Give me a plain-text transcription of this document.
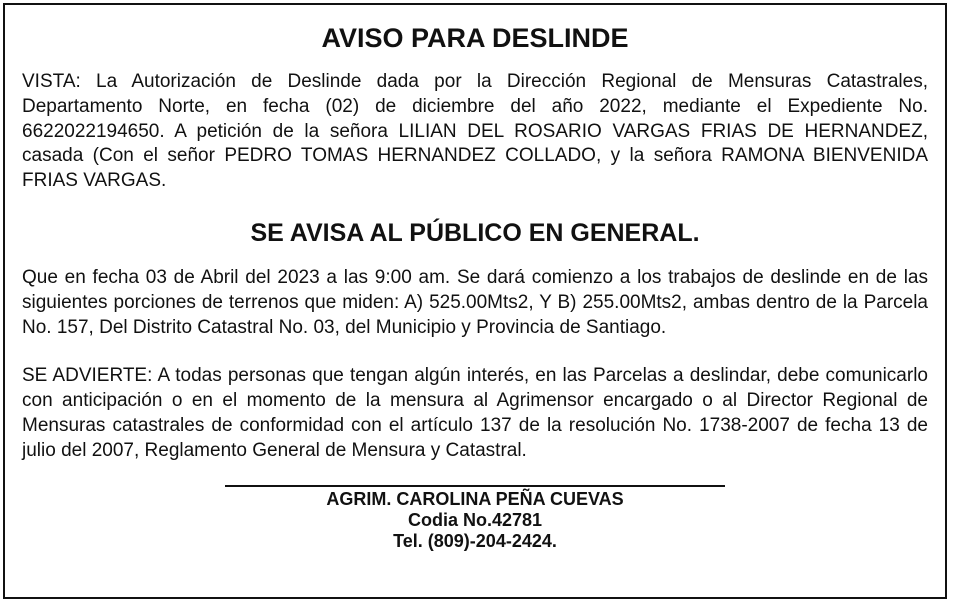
AVISO PARA DESLINDE

VISTA: La Autorización de Deslinde dada por la Dirección Regional de Mensuras Catastrales, Departamento Norte, en fecha (02) de diciembre del año 2022, mediante el Expediente No. 6622022194650. A petición de la señora LILIAN DEL ROSARIO VARGAS FRIAS DE HERNANDEZ, casada (Con el señor PEDRO TOMAS HERNANDEZ COLLADO, y la señora RAMONA BIENVENIDA FRIAS VARGAS.

SE AVISA AL PÚBLICO EN GENERAL.

Que en fecha 03 de Abril del 2023 a las 9:00 am. Se dará comienzo a los trabajos de deslinde en de las siguientes porciones de terrenos que miden: A) 525.00Mts2, Y B) 255.00Mts2, ambas dentro de la Parcela No. 157, Del Distrito Catastral No. 03, del Municipio y Provincia de Santiago.

SE ADVIERTE: A todas personas que tengan algún interés, en las Parcelas a deslindar, debe comunicarlo con anticipación o en el momento de la mensura al Agrimensor encargado o al Director Regional de Mensuras catastrales de conformidad con el artículo 137 de la resolución No. 1738-2007 de fecha 13 de julio del 2007, Reglamento General de Mensura y Catastral.

AGRIM. CAROLINA PEÑA CUEVAS
Codia No.42781
Tel. (809)-204-2424.
